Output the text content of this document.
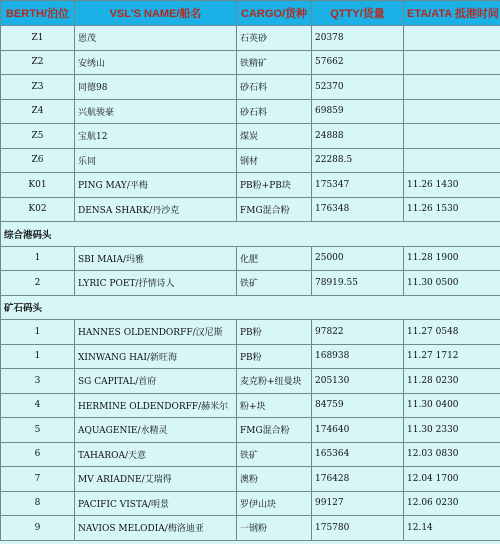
BERTH/泊位	VSL'S NAME/船名	CARGO/货种	QTTY/货量	ETA/ATA 抵港时间
Z1	恩茂	石英砂	20378	
Z2	安绣山	铁精矿	57662	
Z3	同德98	砂石料	52370	
Z4	兴航骏豪	砂石料	69859	
Z5	宝航12	煤炭	24888	
Z6	乐同	钢材	22288.5	
K01	PING MAY/平梅	PB粉+PB块	175347	11.26 1430
K02	DENSA SHARK/丹沙克	FMG混合粉	176348	11.26 1530
综合港码头				
1	SBI MAIA/玛雅	化肥	25000	11.28 1900
2	LYRIC POET/抒情诗人	铁矿	78919.55	11.30 0500
矿石码头				
1	HANNES OLDENDORFF/汉尼斯	PB粉	97822	11.27 0548
1	XINWANG HAI/新旺海	PB粉	168938	11.27 1712
3	SG CAPITAL/首府	麦克粉+纽曼块	205130	11.28 0230
4	HERMINE OLDENDORFF/赫米尔	粉+块	84759	11.30 0400
5	AQUAGENIE/水精灵	FMG混合粉	174640	11.30 2330
6	TAHAROA/天意	铁矿	165364	12.03 0830
7	MV ARIADNE/艾瑞得	澳粉	176428	12.04 1700
8	PACIFIC VISTA/明景	罗伊山块	99127	12.06 0230
9	NAVIOS MELODIA/梅洛迪亚	一钢粉	175780	12.14
